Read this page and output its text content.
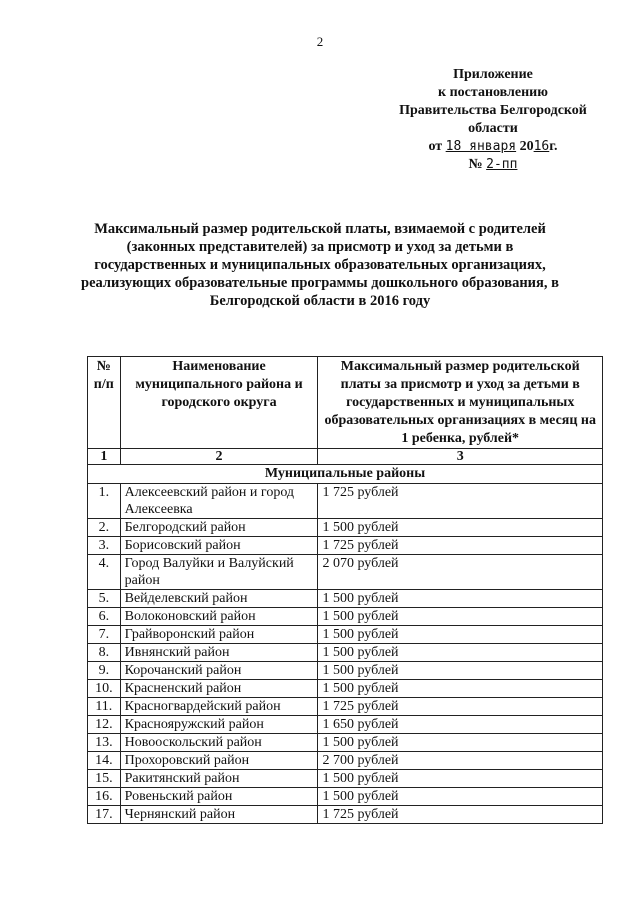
2
Приложение
к постановлению
Правительства Белгородской
области
от 18 января 2016г.
№ 2-пп
Максимальный размер родительской платы, взимаемой с родителей (законных представителей) за присмотр и уход за детьми в государственных и муниципальных образовательных организациях, реализующих образовательные программы дошкольного образования, в Белгородской области в 2016 году
№ п/п	Наименование муниципального района и городского округа	Максимальный размер родительской платы за присмотр и уход за детьми в государственных и муниципальных образовательных организациях в месяц на 1 ребенка, рублей*
1	2	3
Муниципальные районы		
1.	Алексеевский район и город Алексеевка	1 725 рублей
2.	Белгородский район	1 500 рублей
3.	Борисовский район	1 725 рублей
4.	Город Валуйки и Валуйский район	2 070 рублей
5.	Вейделевский район	1 500 рублей
6.	Волоконовский район	1 500 рублей
7.	Грайворонский район	1 500 рублей
8.	Ивнянский район	1 500 рублей
9.	Корочанский район	1 500 рублей
10.	Красненский район	1 500 рублей
11.	Красногвардейский район	1 725 рублей
12.	Краснояружский район	1 650 рублей
13.	Новооскольский район	1 500 рублей
14.	Прохоровский район	2 700 рублей
15.	Ракитянский район	1 500 рублей
16.	Ровеньский район	1 500 рублей
17.	Чернянский район	1 725 рублей
